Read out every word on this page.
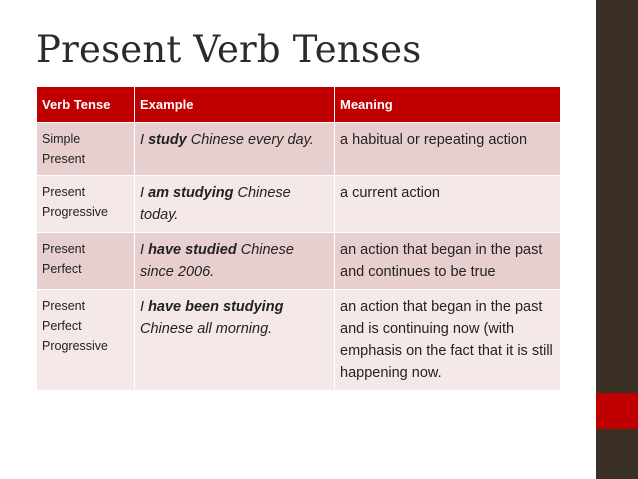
Present Verb Tenses
Verb Tense	Example	Meaning
Simple
Present	I study Chinese every day.	a habitual or repeating action
Present
Progressive	I am studying Chinese today.	a current action
Present
Perfect	I have studied Chinese since 2006.	an action that began in the past and continues to be true
Present
Perfect
Progressive	I have been studying Chinese all morning.	an action that began in the past and is continuing now (with emphasis on the fact that it is still happening now.
